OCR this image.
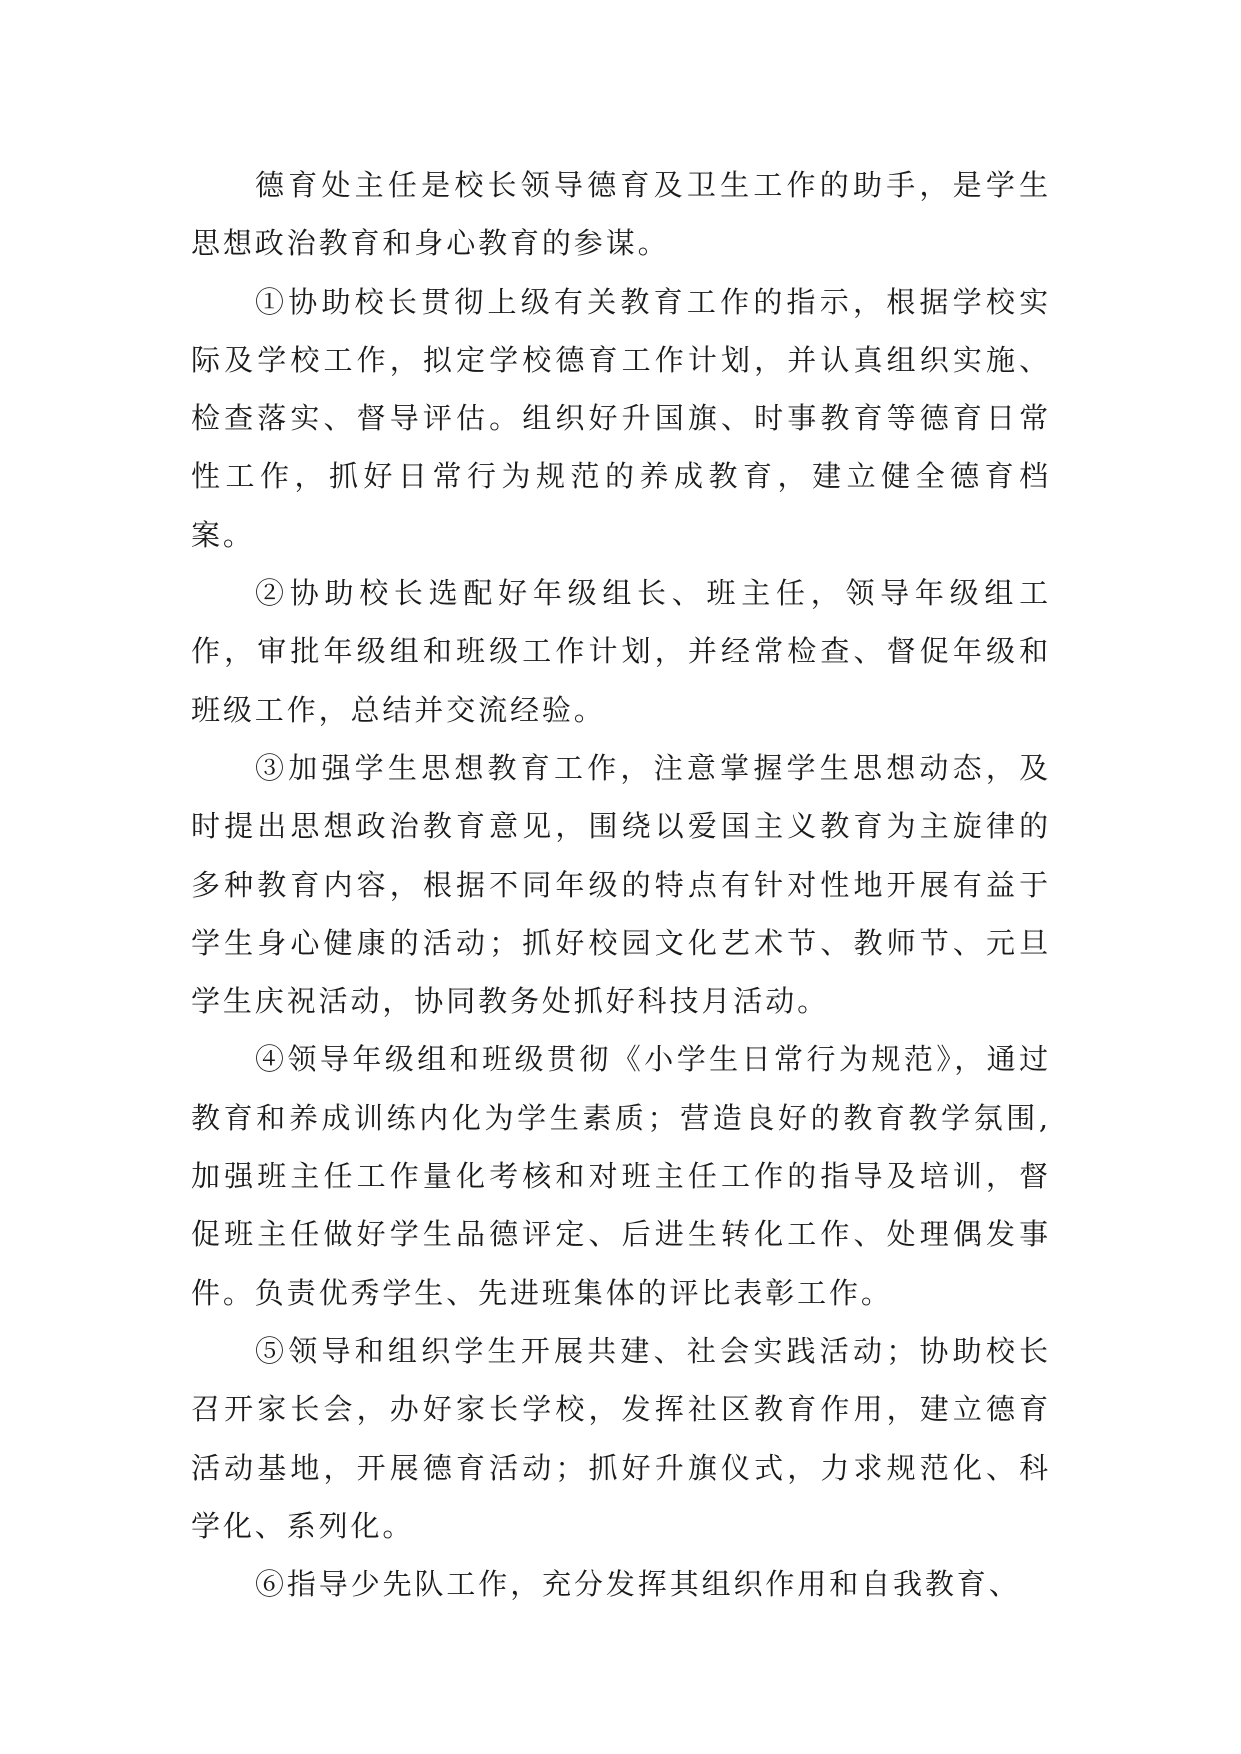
德育处主任是校长领导德育及卫生工作的助手，是学生思想政治教育和身心教育的参谋。

①协助校长贯彻上级有关教育工作的指示，根据学校实际及学校工作，拟定学校德育工作计划，并认真组织实施、检查落实、督导评估。组织好升国旗、时事教育等德育日常性工作，抓好日常行为规范的养成教育，建立健全德育档案。

②协助校长选配好年级组长、班主任，领导年级组工作，审批年级组和班级工作计划，并经常检查、督促年级和班级工作，总结并交流经验。

③加强学生思想教育工作，注意掌握学生思想动态，及时提出思想政治教育意见，围绕以爱国主义教育为主旋律的多种教育内容，根据不同年级的特点有针对性地开展有益于学生身心健康的活动；抓好校园文化艺术节、教师节、元旦学生庆祝活动，协同教务处抓好科技月活动。

④领导年级组和班级贯彻《小学生日常行为规范》，通过教育和养成训练内化为学生素质；营造良好的教育教学氛围,加强班主任工作量化考核和对班主任工作的指导及培训，督促班主任做好学生品德评定、后进生转化工作、处理偶发事件。负责优秀学生、先进班集体的评比表彰工作。

⑤领导和组织学生开展共建、社会实践活动；协助校长召开家长会，办好家长学校，发挥社区教育作用，建立德育活动基地，开展德育活动；抓好升旗仪式，力求规范化、科学化、系列化。

⑥指导少先队工作，充分发挥其组织作用和自我教育、
